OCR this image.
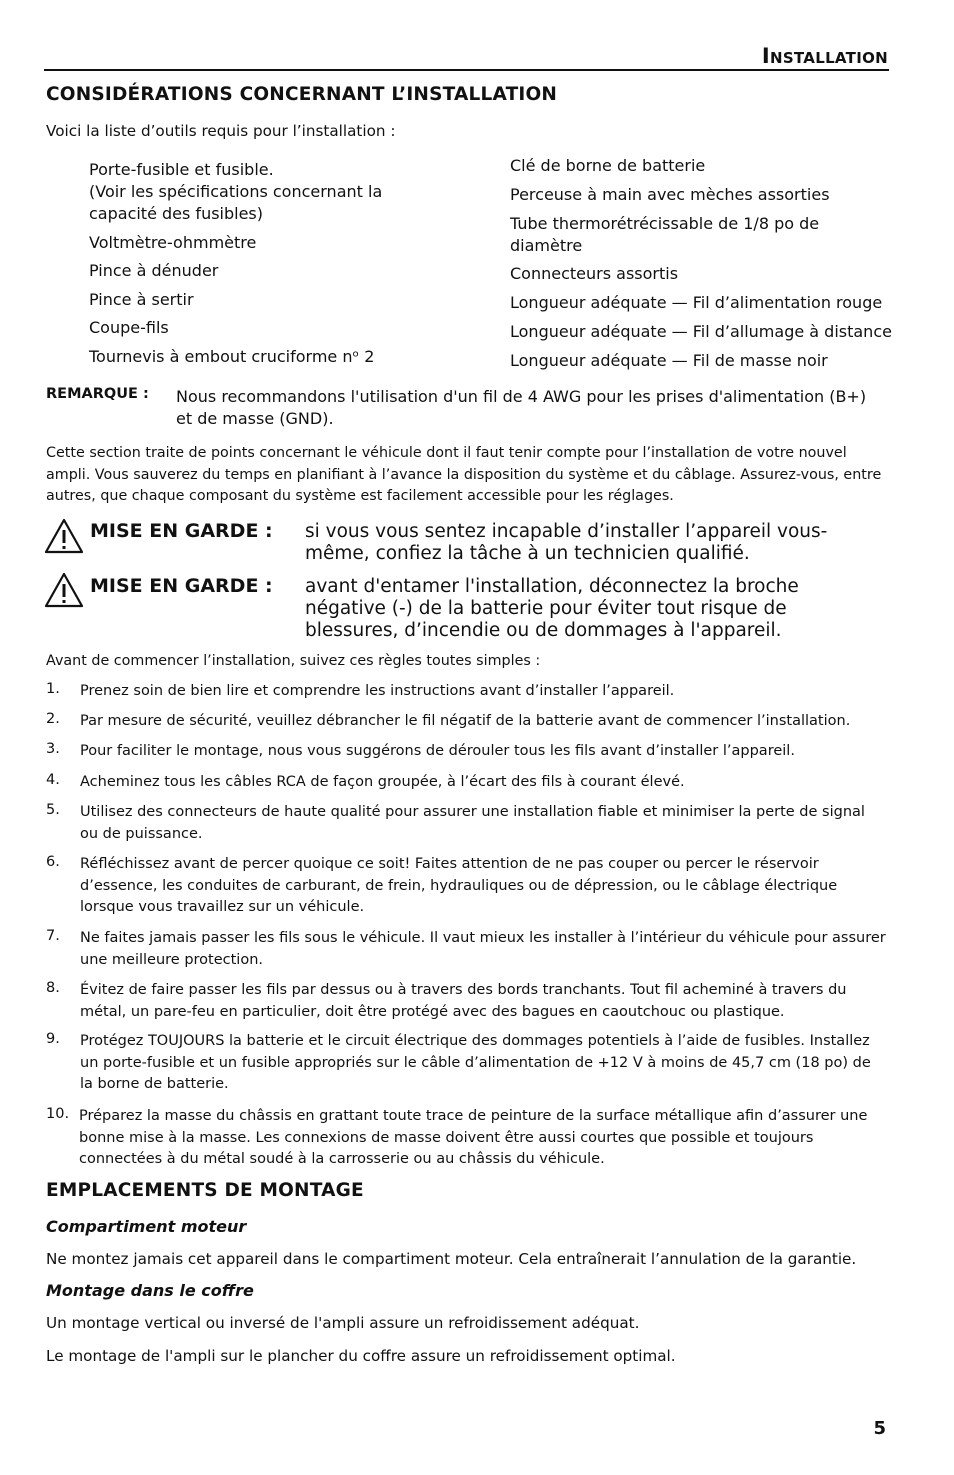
Installation
CONSIDÉRATIONS CONCERNANT L’INSTALLATION
Voici la liste d’outils requis pour l’installation :
Porte-fusible et fusible.
(Voir les spécifications concernant la capacité des fusibles)
Voltmètre-ohmmètre
Pince à dénuder
Pince à sertir
Coupe-fils
Tournevis à embout cruciforme nᵒ 2
Clé de borne de batterie
Perceuse à main avec mèches assorties
Tube thermorétrécissable de 1/8 po de diamètre
Connecteurs assortis
Longueur adéquate — Fil d’alimentation rouge
Longueur adéquate — Fil d’allumage à distance
Longueur adéquate — Fil de masse noir
REMARQUE : Nous recommandons l'utilisation d'un fil de 4 AWG pour les prises d'alimentation (B+) et de masse (GND).
Cette section traite de points concernant le véhicule dont il faut tenir compte pour l’installation de votre nouvel ampli. Vous sauverez du temps en planifiant à l’avance la disposition du système et du câblage. Assurez-vous, entre autres, que chaque composant du système est facilement accessible pour les réglages.
MISE EN GARDE : si vous vous sentez incapable d’installer l’appareil vous-même, confiez la tâche à un technicien qualifié.
MISE EN GARDE : avant d'entamer l'installation, déconnectez la broche négative (-) de la batterie pour éviter tout risque de blessures, d’incendie ou de dommages à l'appareil.
Avant de commencer l’installation, suivez ces règles toutes simples :
1. Prenez soin de bien lire et comprendre les instructions avant d’installer l’appareil.
2. Par mesure de sécurité, veuillez débrancher le fil négatif de la batterie avant de commencer l’installation.
3. Pour faciliter le montage, nous vous suggérons de dérouler tous les fils avant d’installer l’appareil.
4. Acheminez tous les câbles RCA de façon groupée, à l’écart des fils à courant élevé.
5. Utilisez des connecteurs de haute qualité pour assurer une installation fiable et minimiser la perte de signal ou de puissance.
6. Réfléchissez avant de percer quoique ce soit! Faites attention de ne pas couper ou percer le réservoir d’essence, les conduites de carburant, de frein, hydrauliques ou de dépression, ou le câblage électrique lorsque vous travaillez sur un véhicule.
7. Ne faites jamais passer les fils sous le véhicule. Il vaut mieux les installer à l’intérieur du véhicule pour assurer une meilleure protection.
8. Évitez de faire passer les fils par dessus ou à travers des bords tranchants. Tout fil acheminé à travers du métal, un pare-feu en particulier, doit être protégé avec des bagues en caoutchouc ou plastique.
9. Protégez TOUJOURS la batterie et le circuit électrique des dommages potentiels à l’aide de fusibles. Installez un porte-fusible et un fusible appropriés sur le câble d’alimentation de +12 V à moins de 45,7 cm (18 po) de la borne de batterie.
10. Préparez la masse du châssis en grattant toute trace de peinture de la surface métallique afin d’assurer une bonne mise à la masse. Les connexions de masse doivent être aussi courtes que possible et toujours connectées à du métal soudé à la carrosserie ou au châssis du véhicule.
EMPLACEMENTS DE MONTAGE
Compartiment moteur
Ne montez jamais cet appareil dans le compartiment moteur. Cela entraînerait l’annulation de la garantie.
Montage dans le coffre
Un montage vertical ou inversé de l'ampli assure un refroidissement adéquat.
Le montage de l'ampli sur le plancher du coffre assure un refroidissement optimal.
5
